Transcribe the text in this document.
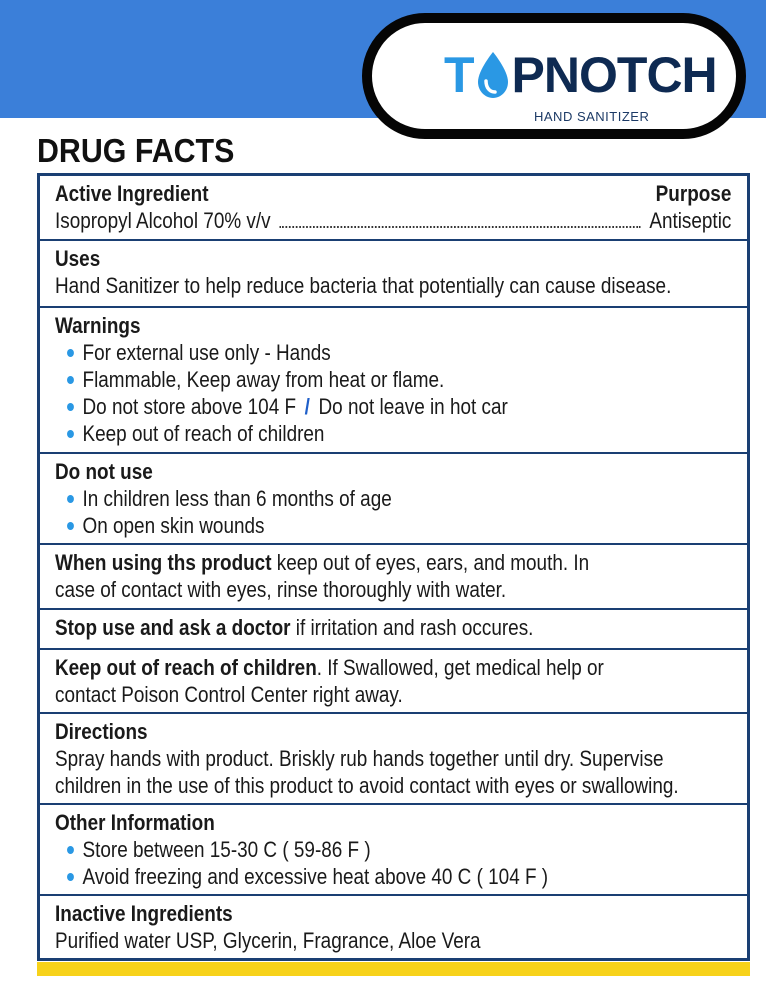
T PNOTCH
HAND SANITIZER
DRUG FACTS
Active Ingredient	Purpose
Isopropyl Alcohol 70% v/v	Antiseptic
Uses
Hand Sanitizer to help reduce bacteria that potentially can cause disease.
Warnings
For external use only - Hands
Flammable, Keep away from heat or flame.
Do not store above 104 F / Do not leave in hot car
Keep out of reach of children
Do not use
In children less than 6 months of age
On open skin wounds
When using ths product keep out of eyes, ears, and mouth. In
case of contact with eyes, rinse thoroughly with water.
Stop use and ask a doctor if irritation and rash occures.
Keep out of reach of children. If Swallowed, get medical help or
contact Poison Control Center right away.
Directions
Spray hands with product. Briskly rub hands together until dry. Supervise
children in the use of this product to avoid contact with eyes or swallowing.
Other Information
Store between 15-30 C ( 59-86 F )
Avoid freezing and excessive heat above 40 C ( 104 F )
Inactive Ingredients
Purified water USP, Glycerin, Fragrance, Aloe Vera
